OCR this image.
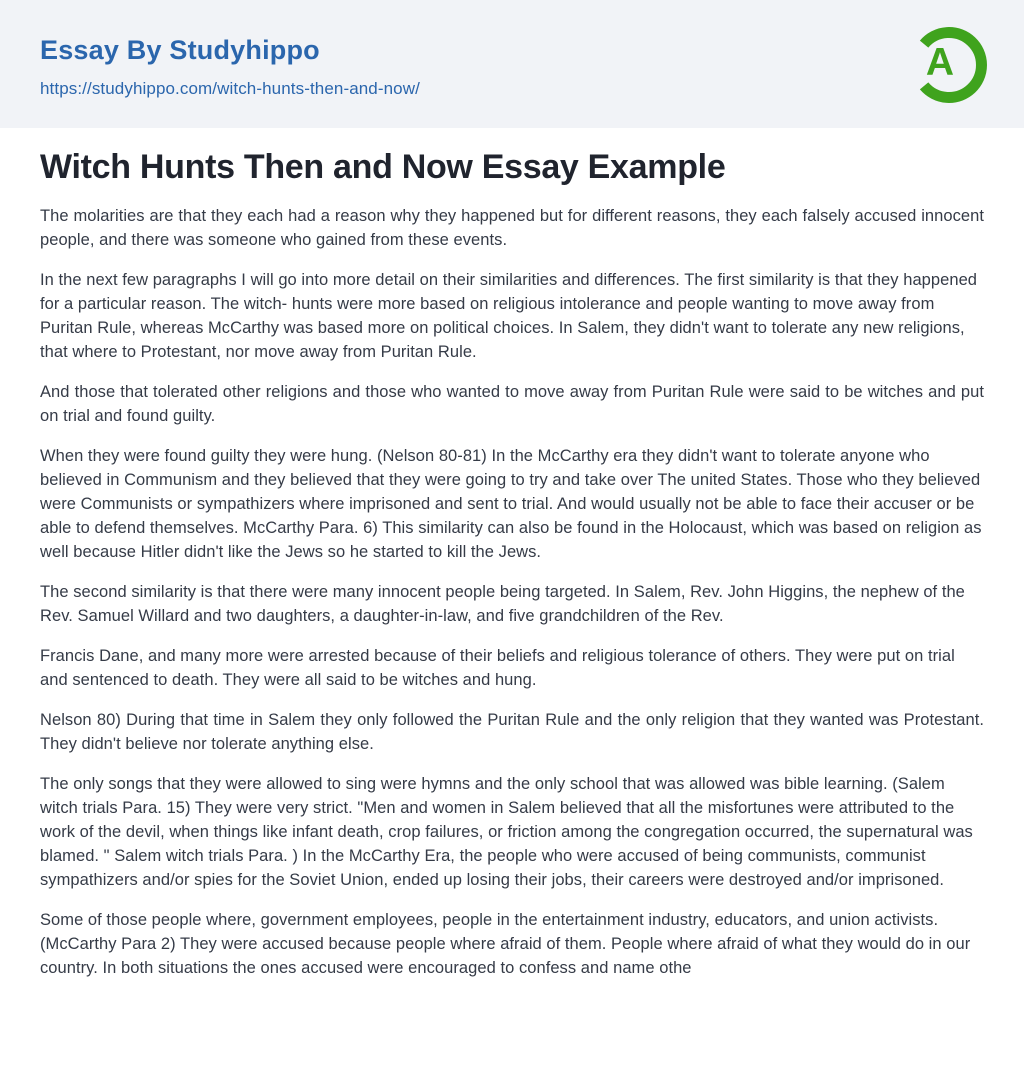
Essay By Studyhippo
https://studyhippo.com/witch-hunts-then-and-now/
A
Witch Hunts Then and Now Essay Example

The molarities are that they each had a reason why they happened but for different reasons, they each falsely accused innocent people, and there was someone who gained from these events.

In the next few paragraphs I will go into more detail on their similarities and differences. The first similarity is that they happened for a particular reason. The witch- hunts were more based on religious intolerance and people wanting to move away from Puritan Rule, whereas McCarthy was based more on political choices. In Salem, they didn't want to tolerate any new religions, that where to Protestant, nor move away from Puritan Rule.

And those that tolerated other religions and those who wanted to move away from Puritan Rule were said to be witches and put on trial and found guilty.

When they were found guilty they were hung. (Nelson 80-81) In the McCarthy era they didn't want to tolerate anyone who believed in Communism and they believed that they were going to try and take over The united States. Those who they believed were Communists or sympathizers where imprisoned and sent to trial. And would usually not be able to face their accuser or be able to defend themselves. McCarthy Para. 6) This similarity can also be found in the Holocaust, which was based on religion as well because Hitler didn't like the Jews so he started to kill the Jews.

The second similarity is that there were many innocent people being targeted. In Salem, Rev. John Higgins, the nephew of the Rev. Samuel Willard and two daughters, a daughter-in-law, and five grandchildren of the Rev.

Francis Dane, and many more were arrested because of their beliefs and religious tolerance of others. They were put on trial and sentenced to death. They were all said to be witches and hung.

Nelson 80) During that time in Salem they only followed the Puritan Rule and the only religion that they wanted was Protestant. They didn't believe nor tolerate anything else.

The only songs that they were allowed to sing were hymns and the only school that was allowed was bible learning. (Salem witch trials Para. 15) They were very strict. "Men and women in Salem believed that all the misfortunes were attributed to the work of the devil, when things like infant death, crop failures, or friction among the congregation occurred, the supernatural was blamed. " Salem witch trials Para. ) In the McCarthy Era, the people who were accused of being communists, communist sympathizers and/or spies for the Soviet Union, ended up losing their jobs, their careers were destroyed and/or imprisoned.

Some of those people where, government employees, people in the entertainment industry, educators, and union activists. (McCarthy Para 2) They were accused because people where afraid of them. People where afraid of what they would do in our country. In both situations the ones accused were encouraged to confess and name othe
